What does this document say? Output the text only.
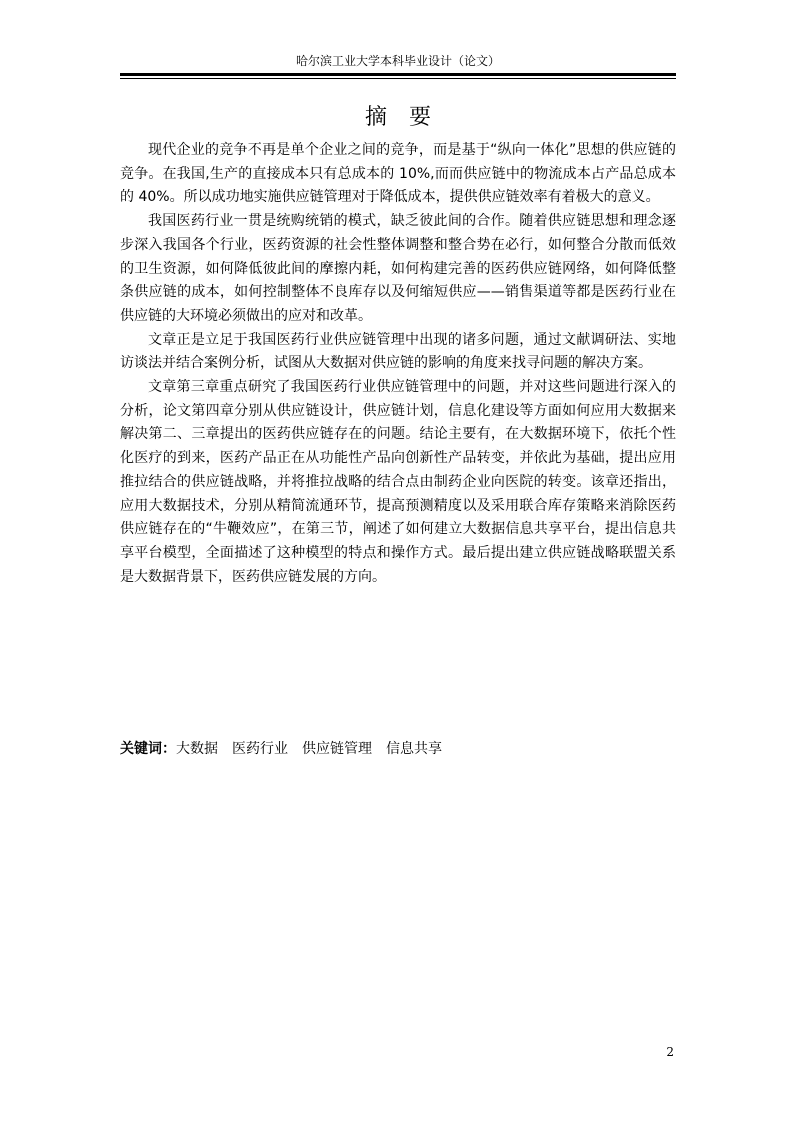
哈尔滨工业大学本科毕业设计（论文）
摘要

现代企业的竞争不再是单个企业之间的竞争，而是基于“纵向一体化”思想的供应链的竞争。在我国,生产的直接成本只有总成本的 10%,而而供应链中的物流成本占产品总成本的 40%。所以成功地实施供应链管理对于降低成本，提供供应链效率有着极大的意义。

我国医药行业一贯是统购统销的模式，缺乏彼此间的合作。随着供应链思想和理念逐步深入我国各个行业，医药资源的社会性整体调整和整合势在必行，如何整合分散而低效的卫生资源，如何降低彼此间的摩擦内耗，如何构建完善的医药供应链网络，如何降低整条供应链的成本，如何控制整体不良库存以及何缩短供应——销售渠道等都是医药行业在供应链的大环境必须做出的应对和改革。

文章正是立足于我国医药行业供应链管理中出现的诸多问题，通过文献调研法、实地访谈法并结合案例分析，试图从大数据对供应链的影响的角度来找寻问题的解决方案。

文章第三章重点研究了我国医药行业供应链管理中的问题，并对这些问题进行深入的分析，论文第四章分别从供应链设计，供应链计划，信息化建设等方面如何应用大数据来解决第二、三章提出的医药供应链存在的问题。结论主要有，在大数据环境下，依托个性化医疗的到来，医药产品正在从功能性产品向创新性产品转变，并依此为基础，提出应用推拉结合的供应链战略，并将推拉战略的结合点由制药企业向医院的转变。该章还指出，应用大数据技术，分别从精简流通环节，提高预测精度以及采用联合库存策略来消除医药供应链存在的“牛鞭效应”，在第三节，阐述了如何建立大数据信息共享平台，提出信息共享平台模型，全面描述了这种模型的特点和操作方式。最后提出建立供应链战略联盟关系是大数据背景下，医药供应链发展的方向。

关键词：大数据 医药行业 供应链管理 信息共享
2
